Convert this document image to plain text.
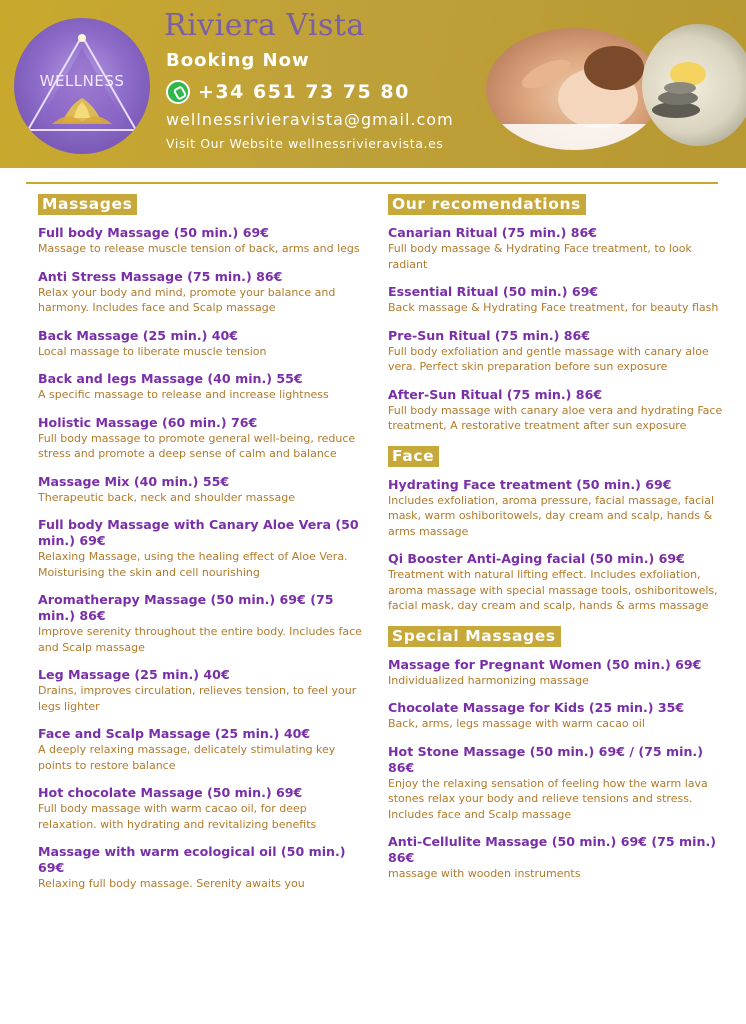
WELLNESS
Riviera Vista
Booking Now
+34 651 73 75 80
wellnessrivieravista@gmail.com
Visit Our Website wellnessrivieravista.es
Massages
Full body Massage (50 min.) 69€
Massage to release muscle tension of back, arms and legs
Anti Stress Massage (75 min.) 86€
Relax your body and mind, promote your balance and harmony. Includes face and Scalp massage
Back Massage (25 min.) 40€
Local massage to liberate muscle tension
Back and legs Massage (40 min.) 55€
A specific massage to release and increase lightness
Holistic Massage (60 min.) 76€
Full body massage to promote general well-being, reduce stress and promote a deep sense of calm and balance
Massage Mix (40 min.) 55€
Therapeutic back, neck and shoulder massage
Full body Massage with Canary Aloe Vera (50 min.) 69€
Relaxing Massage, using the healing effect of Aloe Vera. Moisturising the skin and cell nourishing
Aromatherapy Massage (50 min.) 69€ (75 min.) 86€
Improve serenity throughout the entire body. Includes face and Scalp massage
Leg Massage (25 min.) 40€
Drains, improves circulation, relieves tension, to feel your legs lighter
Face and Scalp Massage (25 min.) 40€
A deeply relaxing massage, delicately stimulating key points to restore balance
Hot chocolate Massage (50 min.) 69€
Full body massage with warm cacao oil, for deep relaxation. with hydrating and revitalizing benefits
Massage with warm ecological oil (50 min.) 69€
Relaxing full body massage. Serenity awaits you
Our recomendations
Canarian Ritual (75 min.) 86€
Full body massage & Hydrating Face treatment, to look radiant
Essential Ritual (50 min.) 69€
Back massage & Hydrating Face treatment, for beauty flash
Pre-Sun Ritual (75 min.) 86€
Full body exfoliation and gentle massage with canary aloe vera. Perfect skin preparation before sun exposure
After-Sun Ritual (75 min.) 86€
Full body massage with canary aloe vera and hydrating Face treatment, A restorative treatment after sun exposure
Face
Hydrating Face treatment (50 min.) 69€
Includes exfoliation, aroma pressure, facial massage, facial mask, warm oshiboritowels, day cream and scalp, hands & arms massage
Qi Booster Anti-Aging facial (50 min.) 69€
Treatment with natural lifting effect. Includes exfoliation, aroma massage with special massage tools, oshiboritowels, facial mask, day cream and scalp, hands & arms massage
Special Massages
Massage for Pregnant Women (50 min.) 69€
Individualized harmonizing massage
Chocolate Massage for Kids (25 min.) 35€
Back, arms, legs massage with warm cacao oil
Hot Stone Massage (50 min.) 69€ / (75 min.) 86€
Enjoy the relaxing sensation of feeling how the warm lava stones relax your body and relieve tensions and stress. Includes face and Scalp massage
Anti-Cellulite Massage (50 min.) 69€ (75 min.) 86€
massage with wooden instruments
